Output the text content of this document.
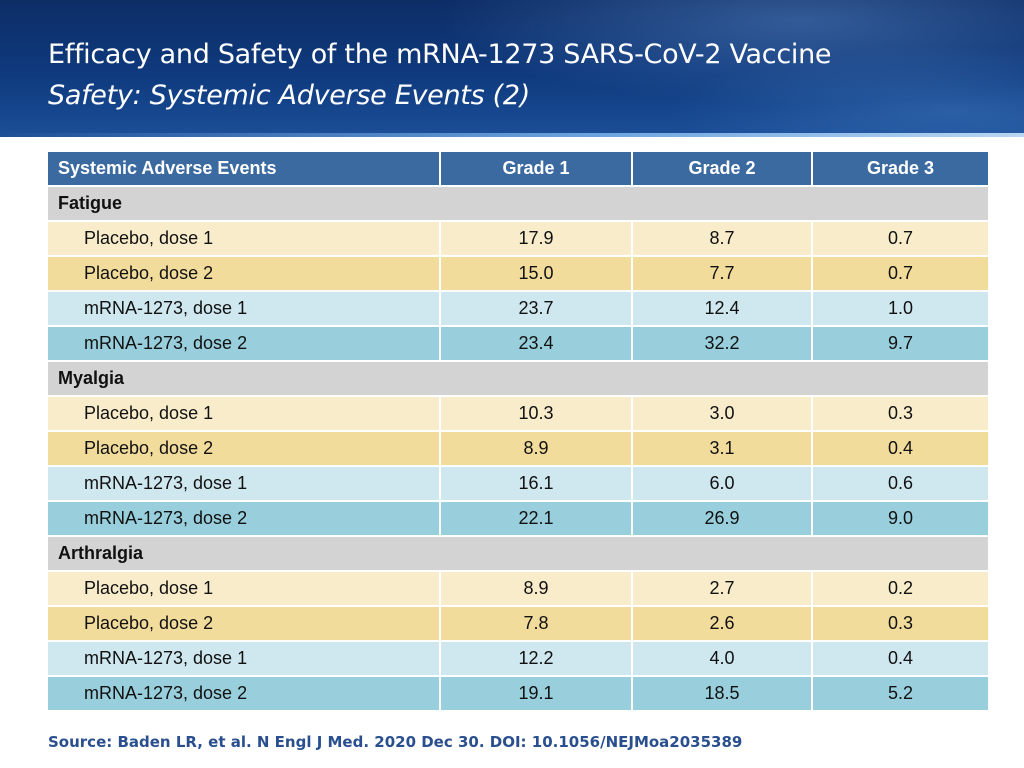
Efficacy and Safety of the mRNA-1273 SARS-CoV-2 Vaccine
Safety: Systemic Adverse Events (2)
Systemic Adverse Events	Grade 1	Grade 2	Grade 3
Fatigue			
Placebo, dose 1	17.9	8.7	0.7
Placebo, dose 2	15.0	7.7	0.7
mRNA-1273, dose 1	23.7	12.4	1.0
mRNA-1273, dose 2	23.4	32.2	9.7
Myalgia			
Placebo, dose 1	10.3	3.0	0.3
Placebo, dose 2	8.9	3.1	0.4
mRNA-1273, dose 1	16.1	6.0	0.6
mRNA-1273, dose 2	22.1	26.9	9.0
Arthralgia			
Placebo, dose 1	8.9	2.7	0.2
Placebo, dose 2	7.8	2.6	0.3
mRNA-1273, dose 1	12.2	4.0	0.4
mRNA-1273, dose 2	19.1	18.5	5.2
Source: Baden LR, et al. N Engl J Med. 2020 Dec 30. DOI: 10.1056/NEJMoa2035389
